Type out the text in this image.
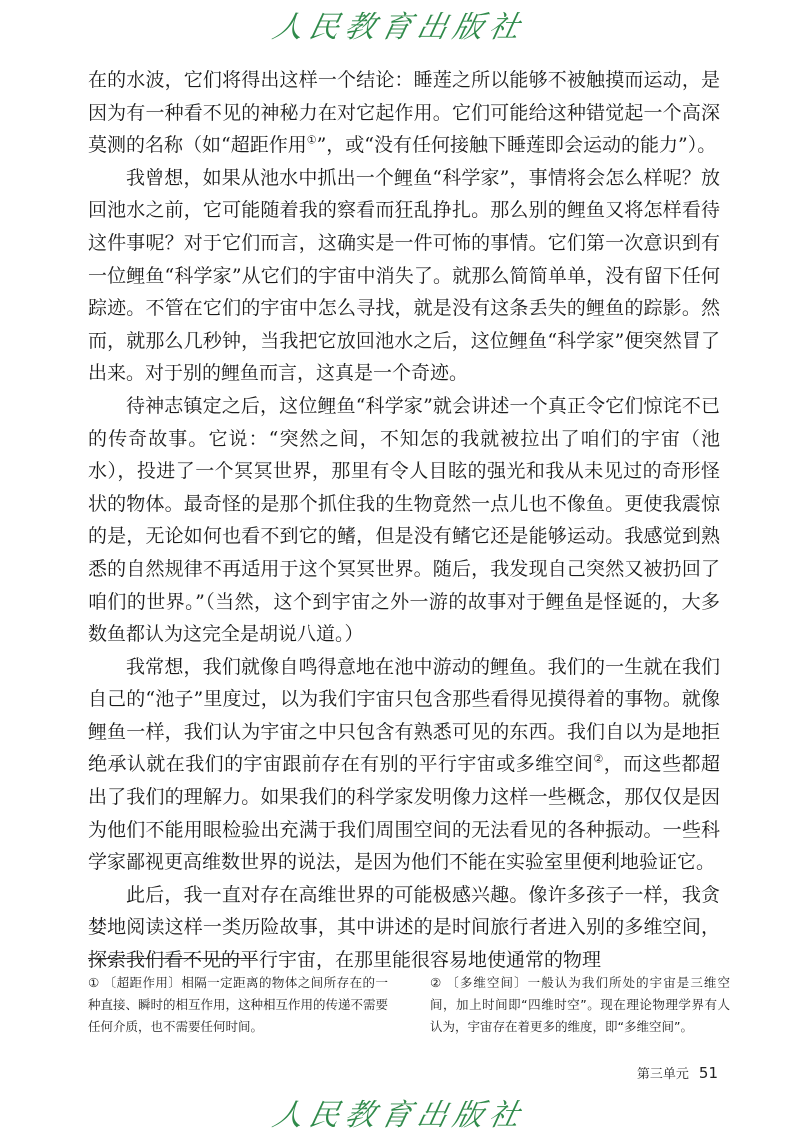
人民教育出版社

在的水波，它们将得出这样一个结论：睡莲之所以能够不被触摸而运动，是因为有一种看不见的神秘力在对它起作用。它们可能给这种错觉起一个高深莫测的名称（如“超距作用①”，或“没有任何接触下睡莲即会运动的能力”）。

我曾想，如果从池水中抓出一个鲤鱼“科学家”，事情将会怎么样呢？放回池水之前，它可能随着我的察看而狂乱挣扎。那么别的鲤鱼又将怎样看待这件事呢？对于它们而言，这确实是一件可怖的事情。它们第一次意识到有一位鲤鱼“科学家”从它们的宇宙中消失了。就那么简简单单，没有留下任何踪迹。不管在它们的宇宙中怎么寻找，就是没有这条丢失的鲤鱼的踪影。然而，就那么几秒钟，当我把它放回池水之后，这位鲤鱼“科学家”便突然冒了出来。对于别的鲤鱼而言，这真是一个奇迹。

待神志镇定之后，这位鲤鱼“科学家”就会讲述一个真正令它们惊诧不已的传奇故事。它说：“突然之间，不知怎的我就被拉出了咱们的宇宙（池水），投进了一个冥冥世界，那里有令人目眩的强光和我从未见过的奇形怪状的物体。最奇怪的是那个抓住我的生物竟然一点儿也不像鱼。更使我震惊的是，无论如何也看不到它的鳍，但是没有鳍它还是能够运动。我感觉到熟悉的自然规律不再适用于这个冥冥世界。随后，我发现自己突然又被扔回了咱们的世界。”（当然，这个到宇宙之外一游的故事对于鲤鱼是怪诞的，大多数鱼都认为这完全是胡说八道。）

我常想，我们就像自鸣得意地在池中游动的鲤鱼。我们的一生就在我们自己的“池子”里度过，以为我们宇宙只包含那些看得见摸得着的事物。就像鲤鱼一样，我们认为宇宙之中只包含有熟悉可见的东西。我们自以为是地拒绝承认就在我们的宇宙跟前存在有别的平行宇宙或多维空间②，而这些都超出了我们的理解力。如果我们的科学家发明像力这样一些概念，那仅仅是因为他们不能用眼检验出充满于我们周围空间的无法看见的各种振动。一些科学家鄙视更高维数世界的说法，是因为他们不能在实验室里便利地验证它。

此后，我一直对存在高维世界的可能极感兴趣。像许多孩子一样，我贪婪地阅读这样一类历险故事，其中讲述的是时间旅行者进入别的多维空间，探索我们看不见的平行宇宙，在那里能很容易地使通常的物理

① 〔超距作用〕相隔一定距离的物体之间所存在的一种直接、瞬时的相互作用，这种相互作用的传递不需要任何介质，也不需要任何时间。
② 〔多维空间〕一般认为我们所处的宇宙是三维空间，加上时间即“四维时空”。现在理论物理学界有人认为，宇宙存在着更多的维度，即“多维空间”。
第三单元 51
人民教育出版社
